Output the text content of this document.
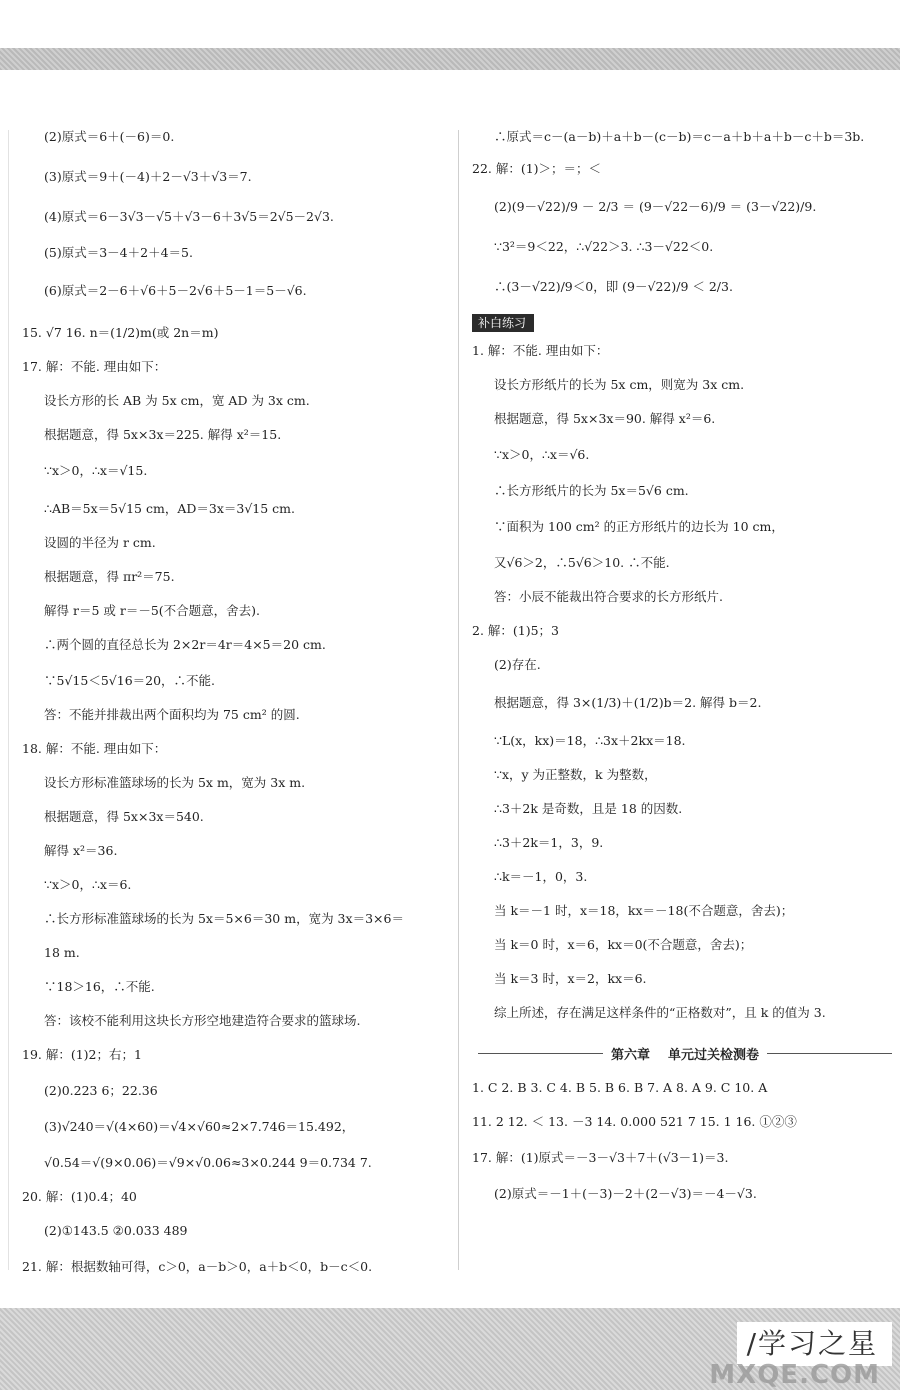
(2)原式＝6＋(－6)＝0.
(3)原式＝9＋(－4)＋2－√3＋√3＝7.
(4)原式＝6－3√3－√5＋√3－6＋3√5＝2√5－2√3.
(5)原式＝3－4＋2＋4＝5.
(6)原式＝2－6＋√6＋5－2√6＋5－1＝5－√6.
15. √7 16. n＝(1/2)m(或 2n＝m)
17. 解：不能. 理由如下：
设长方形的长 AB 为 5x cm，宽 AD 为 3x cm.
根据题意，得 5x×3x＝225. 解得 x²＝15.
∵x＞0，∴x＝√15.
∴AB＝5x＝5√15 cm，AD＝3x＝3√15 cm.
设圆的半径为 r cm.
根据题意，得 πr²＝75.
解得 r＝5 或 r＝－5(不合题意，舍去).
∴两个圆的直径总长为 2×2r＝4r＝4×5＝20 cm.
∵5√15＜5√16＝20，∴不能.
答：不能并排裁出两个面积均为 75 cm² 的圆.
18. 解：不能. 理由如下：
设长方形标准篮球场的长为 5x m，宽为 3x m.
根据题意，得 5x×3x＝540.
解得 x²＝36.
∵x＞0，∴x＝6.
∴长方形标准篮球场的长为 5x＝5×6＝30 m，宽为 3x＝3×6＝
18 m.
∵18＞16，∴不能.
答：该校不能利用这块长方形空地建造符合要求的篮球场.
19. 解：(1)2；右；1
(2)0.223 6；22.36
(3)√240＝√(4×60)＝√4×√60≈2×7.746＝15.492，
√0.54＝√(9×0.06)＝√9×√0.06≈3×0.244 9＝0.734 7.
20. 解：(1)0.4；40
(2)①143.5 ②0.033 489
21. 解：根据数轴可得，c＞0，a－b＞0，a＋b＜0，b－c＜0.
∴原式＝c－(a－b)＋a＋b－(c－b)＝c－a＋b＋a＋b－c＋b＝3b.
22. 解：(1)＞；＝；＜
(2)(9－√22)/9 － 2/3 ＝ (9－√22－6)/9 ＝ (3－√22)/9.
∵3²＝9＜22，∴√22＞3. ∴3－√22＜0.
∴(3－√22)/9＜0，即 (9－√22)/9 ＜ 2/3.
补白练习
1. 解：不能. 理由如下：
设长方形纸片的长为 5x cm，则宽为 3x cm.
根据题意，得 5x×3x＝90. 解得 x²＝6.
∵x＞0，∴x＝√6.
∴长方形纸片的长为 5x＝5√6 cm.
∵面积为 100 cm² 的正方形纸片的边长为 10 cm，
又√6＞2，∴5√6＞10. ∴不能.
答：小辰不能裁出符合要求的长方形纸片.
2. 解：(1)5；3
(2)存在.
根据题意，得 3×(1/3)＋(1/2)b＝2. 解得 b＝2.
∵L(x，kx)＝18，∴3x＋2kx＝18.
∵x，y 为正整数，k 为整数，
∴3＋2k 是奇数，且是 18 的因数.
∴3＋2k＝1，3，9.
∴k＝－1，0，3.
当 k＝－1 时，x＝18，kx＝－18(不合题意，舍去)；
当 k＝0 时，x＝6，kx＝0(不合题意，舍去)；
当 k＝3 时，x＝2，kx＝6.
综上所述，存在满足这样条件的“正格数对”，且 k 的值为 3.
第六章    单元过关检测卷
1. C 2. B 3. C 4. B 5. B 6. B 7. A 8. A 9. C 10. A
11. 2 12. ＜ 13. －3 14. 0.000 521 7 15. 1 16. ①②③
17. 解：(1)原式＝－3－√3＋7＋(√3－1)＝3.
(2)原式＝－1＋(－3)－2＋(2－√3)＝－4－√3.
/学习之星
MXQE.COM
